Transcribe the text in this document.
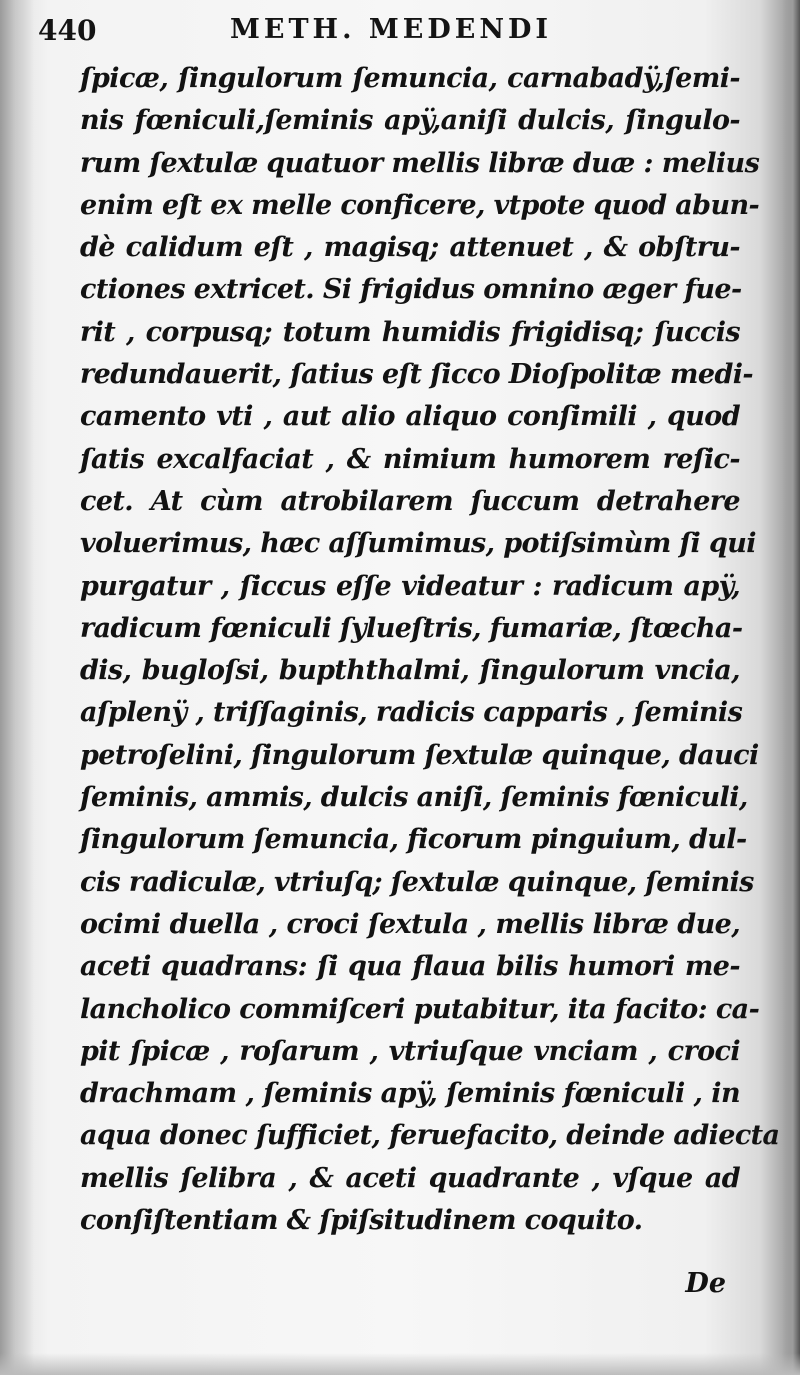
440	METH. MEDENDI
ſpicæ, ſingulorum ſemuncia, carnabadÿ,ſemi-
nis fœniculi,ſeminis apÿ,aniſi dulcis, ſingulo-
rum ſextulæ quatuor mellis libræ duæ : melius
enim eſt ex melle conficere, vtpote quod abun-
dè calidum eſt , magisq; attenuet , & obſtru-
ctiones extricet. Si frigidus omnino æger fue-
rit , corpusq; totum humidis frigidisq; ſuccis
redundauerit, ſatius eſt ſicco Dioſpolitæ medi-
camento vti , aut alio aliquo conſimili , quod
ſatis excalfaciat , & nimium humorem reſic-
cet. At cùm atrobilarem ſuccum detrahere
voluerimus, hæc aſſumimus, potiſsimùm ſi qui
purgatur , ſiccus eſſe videatur : radicum apÿ,
radicum fœniculi ſylueſtris, fumariæ, ſtœcha-
dis, bugloſsi, bupththalmi, ſingulorum vncia,
aſplenÿ , triſſaginis, radicis capparis , ſeminis
petroſelini, ſingulorum ſextulæ quinque, dauci
ſeminis, ammis, dulcis aniſi, ſeminis fœniculi,
ſingulorum ſemuncia, ficorum pinguium, dul-
cis radiculæ, vtriuſq; ſextulæ quinque, ſeminis
ocimi duella , croci ſextula , mellis libræ due,
aceti quadrans: ſi qua flaua bilis humori me-
lancholico commiſceri putabitur, ita facito: ca-
pit ſpicæ , roſarum , vtriuſque vnciam , croci
drachmam , ſeminis apÿ, ſeminis fœniculi , in
aqua donec ſufficiet, feruefacito, deinde adiecta
mellis ſelibra , & aceti quadrante , vſque ad
conſiſtentiam & ſpiſsitudinem coquito.
De
